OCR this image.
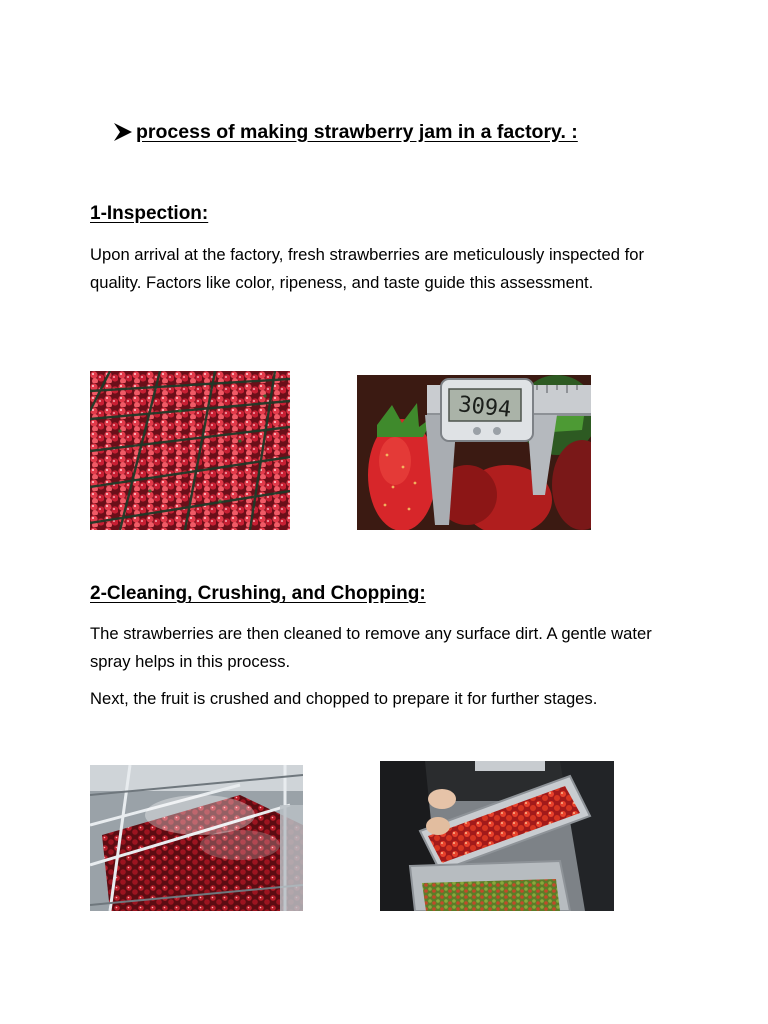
process of making strawberry jam in a factory. :
1-Inspection:

Upon arrival at the factory, fresh strawberries are meticulously inspected for quality. Factors like color, ripeness, and taste guide this assessment.

3094
2-Cleaning, Crushing, and Chopping:

The strawberries are then cleaned to remove any surface dirt. A gentle water spray helps in this process.

Next, the fruit is crushed and chopped to prepare it for further stages.
